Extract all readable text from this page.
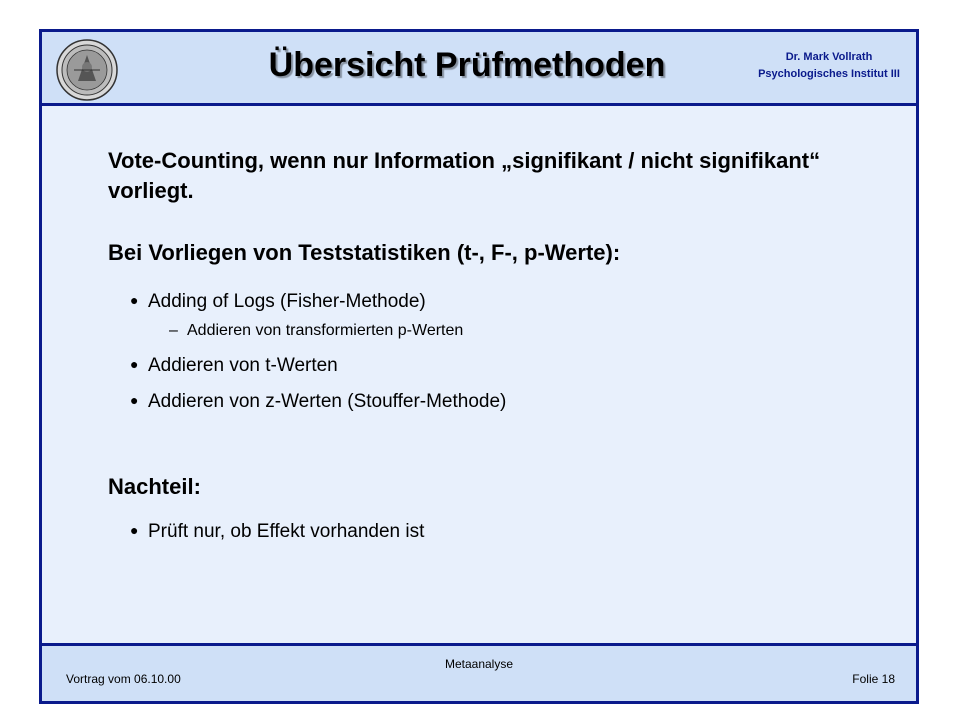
Übersicht Prüfmethoden	Dr. Mark Vollrath
Psychologisches Institut III
Vote-Counting, wenn nur Information „signifikant / nicht signifikant“ vorliegt.
Bei Vorliegen von Teststatistiken (t-, F-, p-Werte):
● Adding of Logs (Fisher-Methode)
– Addieren von transformierten p-Werten
● Addieren von t-Werten
● Addieren von z-Werten (Stouffer-Methode)
Nachteil:
● Prüft nur, ob Effekt vorhanden ist
Vortrag vom 06.10.00
Metaanalyse
Folie 18
